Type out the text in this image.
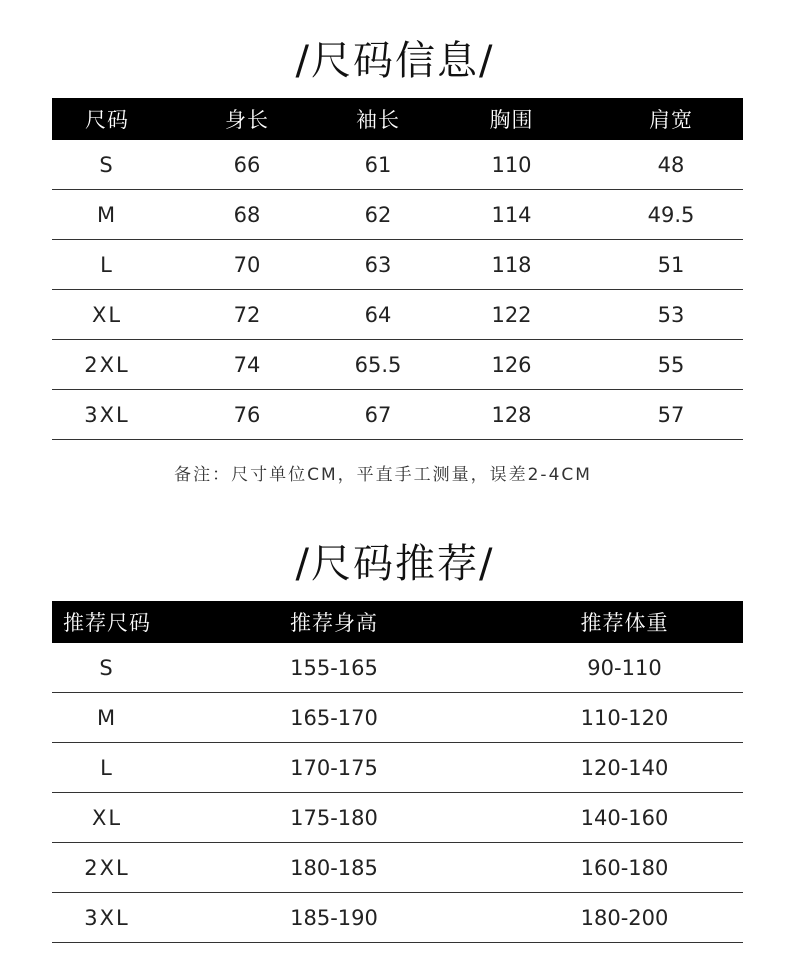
/尺码信息/
尺码	身长	袖长	胸围	肩宽
S	66	61	110	48
M	68	62	114	49.5
L	70	63	118	51
XL	72	64	122	53
2XL	74	65.5	126	55
3XL	76	67	128	57
备注：尺寸单位CM，平直手工测量，误差2-4CM
/尺码推荐/
推荐尺码	推荐身高	推荐体重
S	155-165	90-110
M	165-170	110-120
L	170-175	120-140
XL	175-180	140-160
2XL	180-185	160-180
3XL	185-190	180-200
